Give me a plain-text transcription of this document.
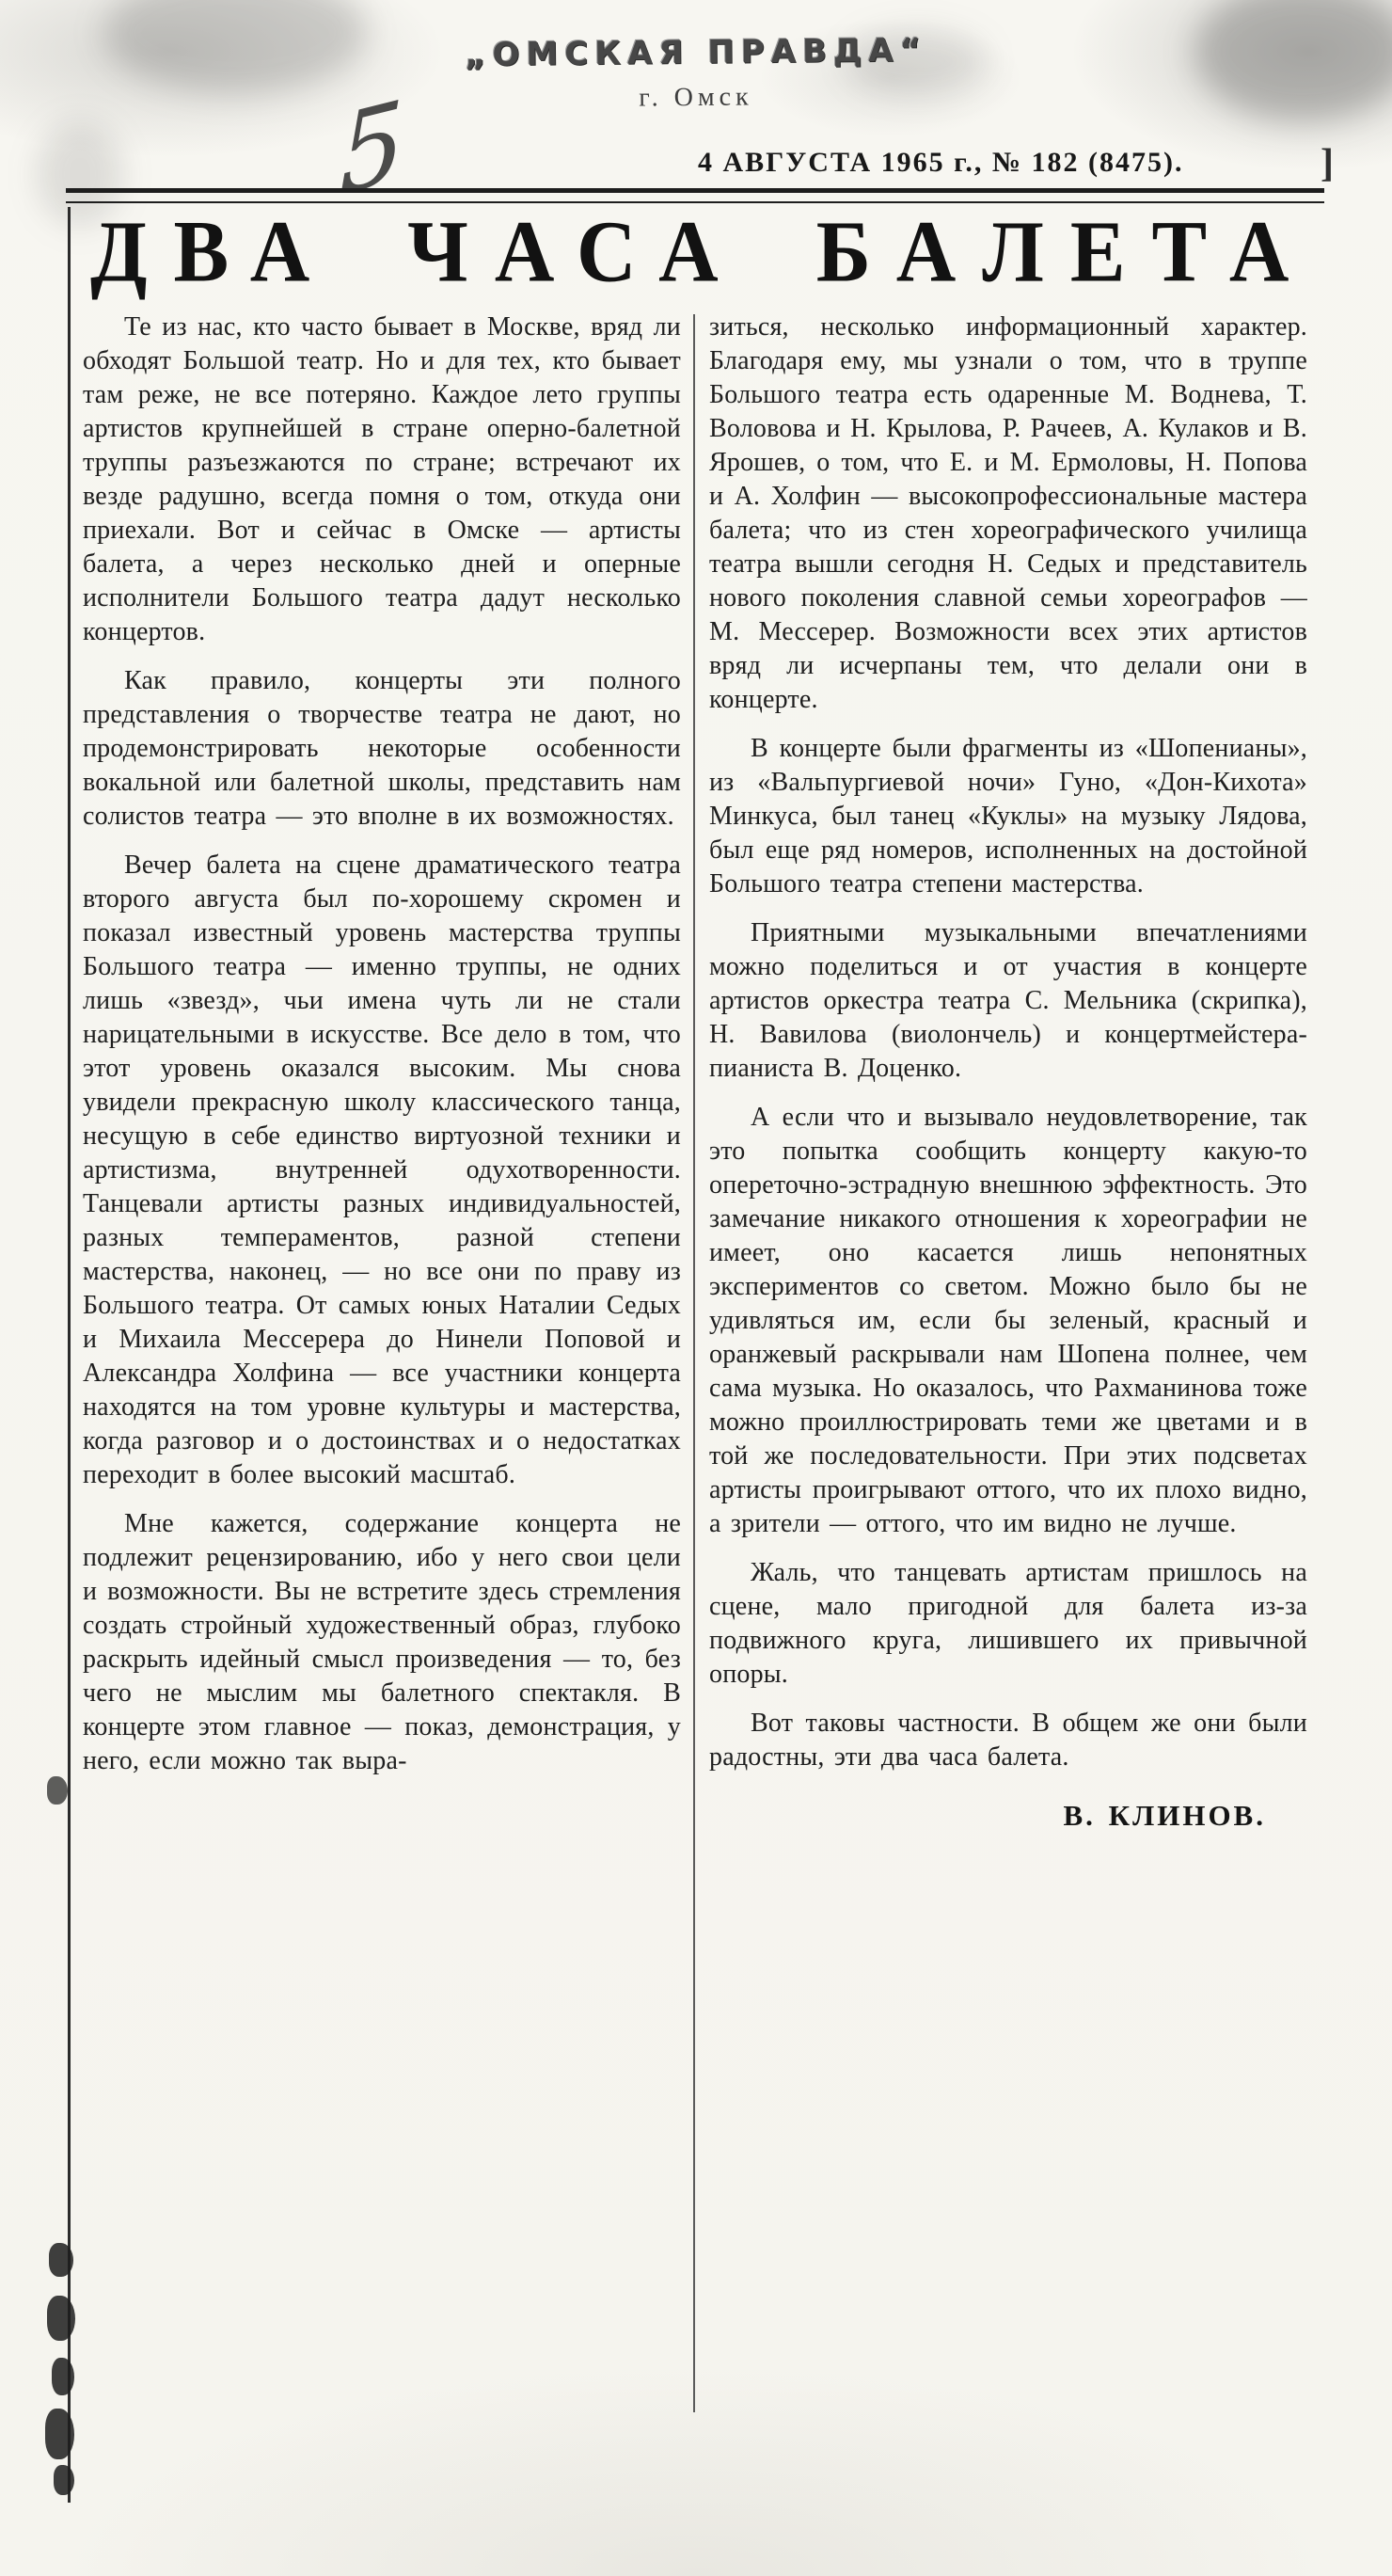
„ОМСКАЯ ПРАВДА“
г. Омск
5	4 АВГУСТА 1965 г., № 182 (8475).	]
ДВА ЧАСА БАЛЕТА

Те из нас, кто часто бывает в Москве, вряд ли обходят Большой театр. Но и для тех, кто бывает там реже, не все потеряно. Каждое лето группы артистов крупнейшей в стране оперно-балетной труппы разъезжаются по стране; встречают их везде радушно, всегда помня о том, откуда они приехали. Вот и сейчас в Омске — артисты балета, а через несколько дней и оперные исполнители Большого театра дадут несколько концертов.

Как правило, концерты эти полного представления о творчестве театра не дают, но продемонстрировать некоторые особенности вокальной или балетной школы, представить нам солистов театра — это вполне в их возможностях.

Вечер балета на сцене драматического театра второго августа был по-хорошему скромен и показал известный уровень мастерства труппы Большого театра — именно труппы, не одних лишь «звезд», чьи имена чуть ли не стали нарицательными в искусстве. Все дело в том, что этот уровень оказался высоким. Мы снова увидели прекрасную школу классического танца, несущую в себе единство виртуозной техники и артистизма, внутренней одухотворенности. Танцевали артисты разных индивидуальностей, разных темпераментов, разной степени мастерства, наконец, — но все они по праву из Большого театра. От самых юных Наталии Седых и Михаила Мессерера до Нинели Поповой и Александра Холфина — все участники концерта находятся на том уровне культуры и мастерства, когда разговор и о достоинствах и о недостатках переходит в более высокий масштаб.

Мне кажется, содержание концерта не подлежит рецензированию, ибо у него свои цели и возможности. Вы не встретите здесь стремления создать стройный художественный образ, глубоко раскрыть идейный смысл произведения — то, без чего не мыслим мы балетного спектакля. В концерте этом главное — показ, демонстрация, у него, если можно так выра-

зиться, несколько информационный характер. Благодаря ему, мы узнали о том, что в труппе Большого театра есть одаренные М. Воднева, Т. Воловова и Н. Крылова, Р. Рачеев, А. Кулаков и В. Ярошев, о том, что Е. и М. Ермоловы, Н. Попова и А. Холфин — высокопрофессиональные мастера балета; что из стен хореографического училища театра вышли сегодня Н. Седых и представитель нового поколения славной семьи хореографов — М. Мессерер. Возможности всех этих артистов вряд ли исчерпаны тем, что делали они в концерте.

В концерте были фрагменты из «Шопенианы», из «Вальпургиевой ночи» Гуно, «Дон-Кихота» Минкуса, был танец «Куклы» на музыку Лядова, был еще ряд номеров, исполненных на достойной Большого театра степени мастерства.

Приятными музыкальными впечатлениями можно поделиться и от участия в концерте артистов оркестра театра С. Мельника (скрипка), Н. Вавилова (виолончель) и концертмейстера-пианиста В. Доценко.

А если что и вызывало неудовлетворение, так это попытка сообщить концерту какую-то опереточно-эстрадную внешнюю эффектность. Это замечание никакого отношения к хореографии не имеет, оно касается лишь непонятных экспериментов со светом. Можно было бы не удивляться им, если бы зеленый, красный и оранжевый раскрывали нам Шопена полнее, чем сама музыка. Но оказалось, что Рахманинова тоже можно проиллюстрировать теми же цветами и в той же последовательности. При этих подсветах артисты проигрывают оттого, что их плохо видно, а зрители — оттого, что им видно не лучше.

Жаль, что танцевать артистам пришлось на сцене, мало пригодной для балета из-за подвижного круга, лишившего их привычной опоры.

Вот таковы частности. В общем же они были радостны, эти два часа балета.

В. КЛИНОВ.
